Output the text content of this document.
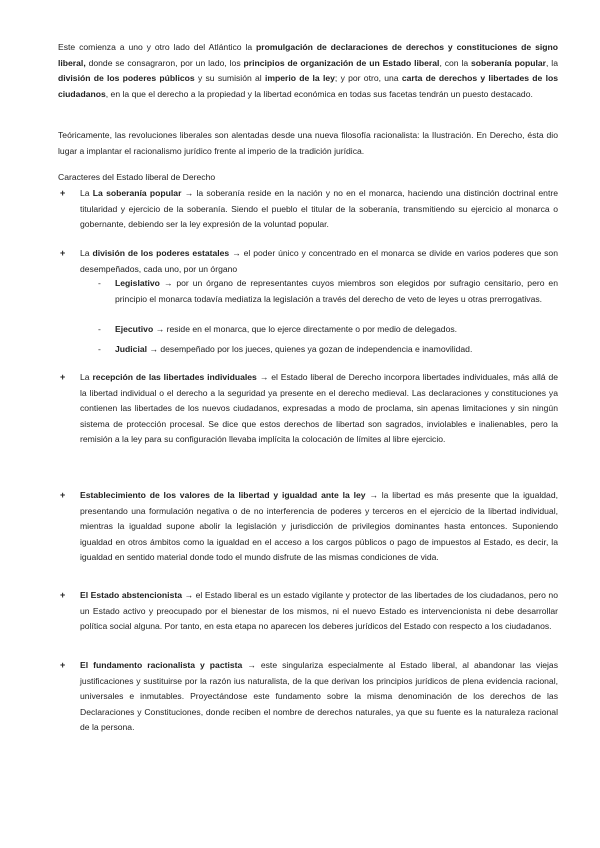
Este comienza a uno y otro lado del Atlántico la promulgación de declaraciones de derechos y constituciones de signo liberal, donde se consagraron, por un lado, los principios de organización de un Estado liberal, con la soberanía popular, la división de los poderes públicos y su sumisión al imperio de la ley; y por otro, una carta de derechos y libertades de los ciudadanos, en la que el derecho a la propiedad y la libertad económica en todas sus facetas tendrán un puesto destacado.

Teóricamente, las revoluciones liberales son alentadas desde una nueva filosofía racionalista: la Ilustración. En Derecho, ésta dio lugar a implantar el racionalismo jurídico frente al imperio de la tradición jurídica.

Caracteres del Estado liberal de Derecho
+	La La soberanía popular → la soberanía reside en la nación y no en el monarca, haciendo una distinción doctrinal entre titularidad y ejercicio de la soberanía. Siendo el pueblo el titular de la soberanía, transmitiendo su ejercicio al monarca o gobernante, debiendo ser la ley expresión de la voluntad popular.
+	La división de los poderes estatales → el poder único y concentrado en el monarca se divide en varios poderes que son desempeñados, cada uno, por un órgano
- Legislativo → por un órgano de representantes cuyos miembros son elegidos por sufragio censitario, pero en principio el monarca todavía mediatiza la legislación a través del derecho de veto de leyes u otras prerrogativas.
- Ejecutivo → reside en el monarca, que lo ejerce directamente o por medio de delegados.
- Judicial → desempeñado por los jueces, quienes ya gozan de independencia e inamovilidad.
+	La recepción de las libertades individuales → el Estado liberal de Derecho incorpora libertades individuales, más allá de la libertad individual o el derecho a la seguridad ya presente en el derecho medieval. Las declaraciones y constituciones ya contienen las libertades de los nuevos ciudadanos, expresadas a modo de proclama, sin apenas limitaciones y sin ningún sistema de protección procesal. Se dice que estos derechos de libertad son sagrados, inviolables e inalienables, pero la remisión a la ley para su configuración llevaba implícita la colocación de límites al libre ejercicio.
+	Establecimiento de los valores de la libertad y igualdad ante la ley → la libertad es más presente que la igualdad, presentando una formulación negativa o de no interferencia de poderes y terceros en el ejercicio de la libertad individual, mientras la igualdad supone abolir la legislación y jurisdicción de privilegios dominantes hasta entonces. Suponiendo igualdad en otros ámbitos como la igualdad en el acceso a los cargos públicos o pago de impuestos al Estado, es decir, la igualdad en sentido material donde todo el mundo disfrute de las mismas condiciones de vida.
+	El Estado abstencionista → el Estado liberal es un estado vigilante y protector de las libertades de los ciudadanos, pero no un Estado activo y preocupado por el bienestar de los mismos, ni el nuevo Estado es intervencionista ni debe desarrollar política social alguna. Por tanto, en esta etapa no aparecen los deberes jurídicos del Estado con respecto a los ciudadanos.
+	El fundamento racionalista y pactista → este singulariza especialmente al Estado liberal, al abandonar las viejas justificaciones y sustituirse por la razón ius naturalista, de la que derivan los principios jurídicos de plena evidencia racional, universales e inmutables. Proyectándose este fundamento sobre la misma denominación de los derechos de las Declaraciones y Constituciones, donde reciben el nombre de derechos naturales, ya que su fuente es la naturaleza racional de la persona.
